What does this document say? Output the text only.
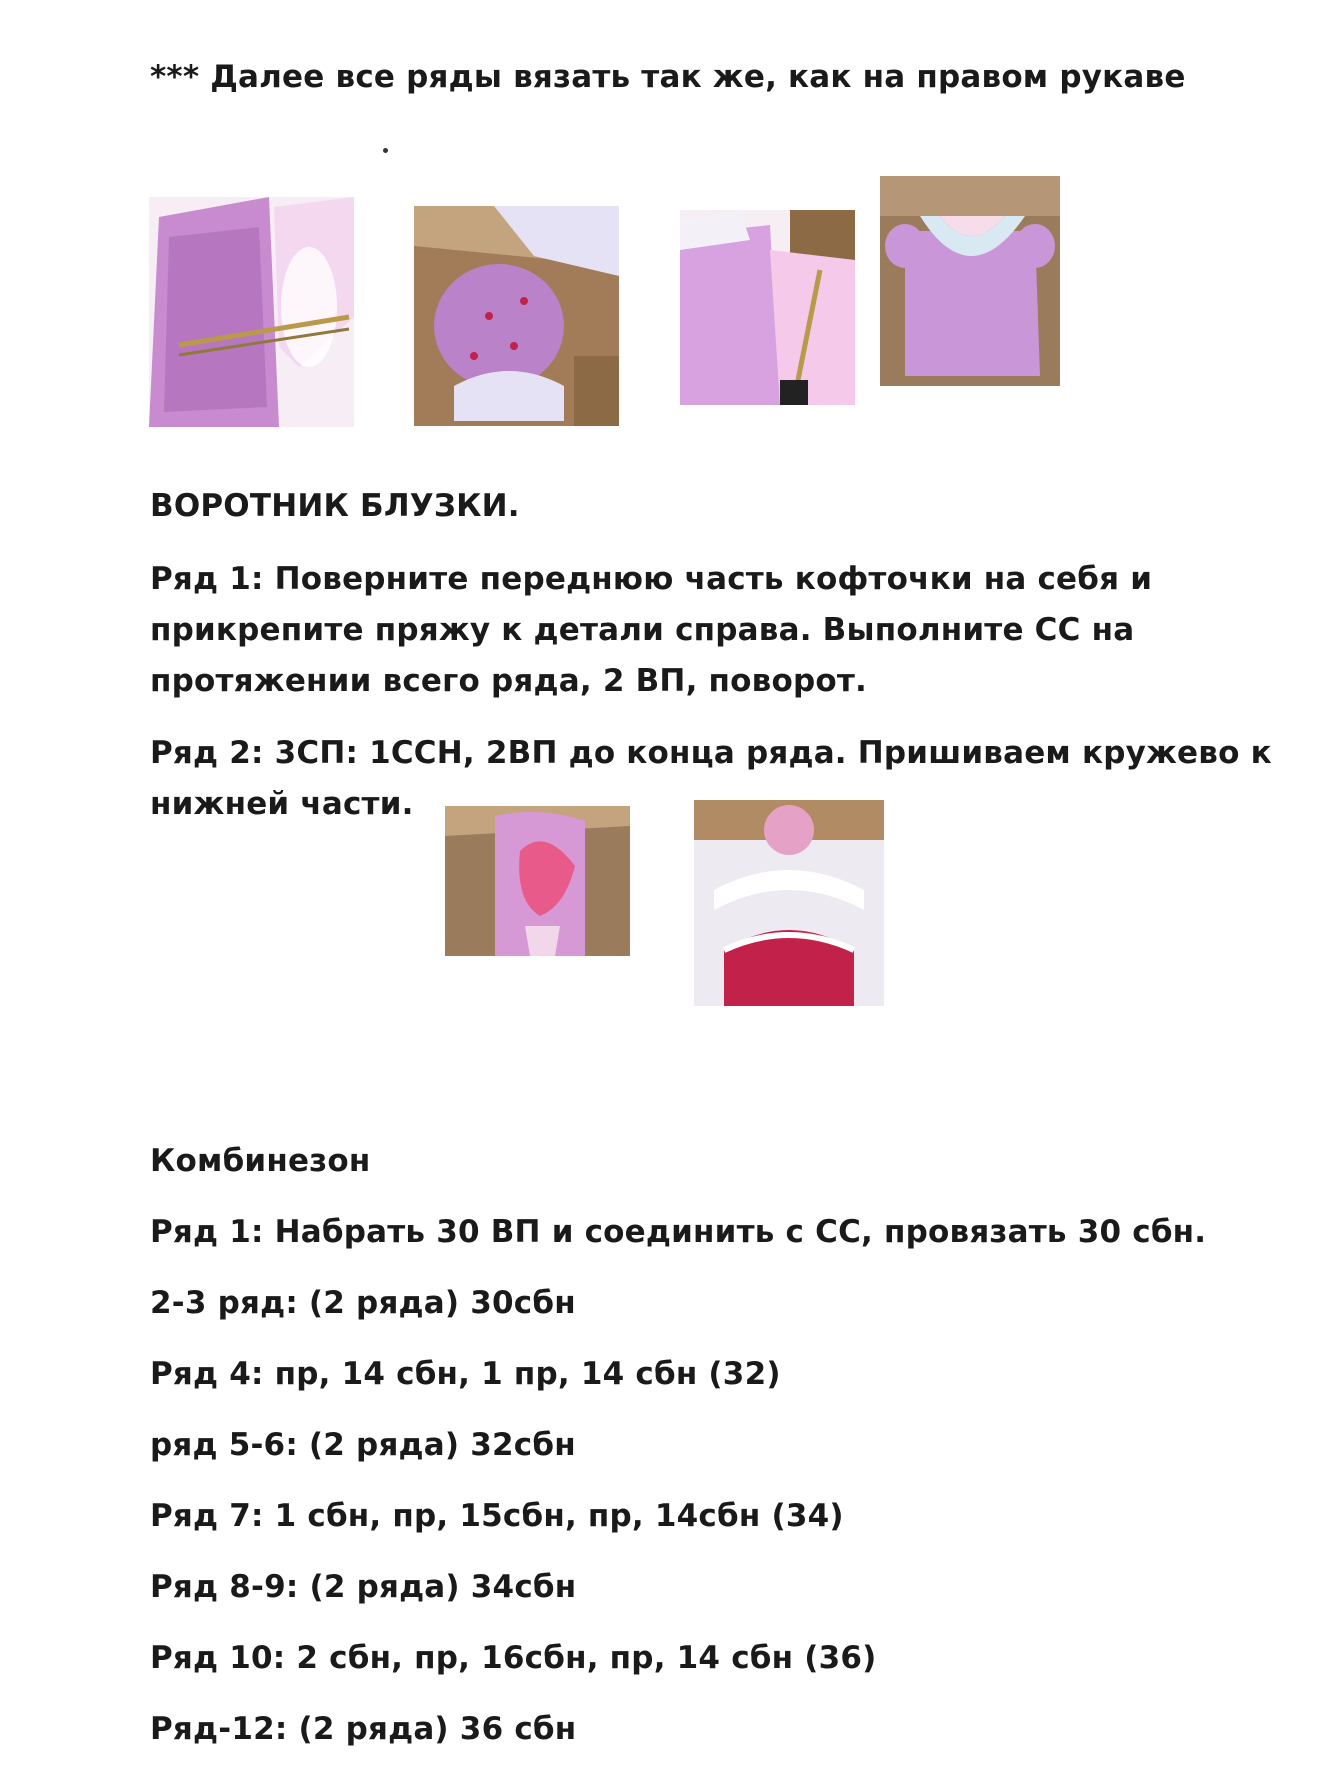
*** Далее все ряды вязать так же, как на правом рукаве
ВОРОТНИК БЛУЗКИ.
Ряд 1: Поверните переднюю часть кофточки на себя и
прикрепите пряжу к детали справа. Выполните СС на
протяжении всего ряда, 2 ВП, поворот.
Ряд 2: 3СП: 1ССН, 2ВП до конца ряда. Пришиваем кружево к
нижней части.
Комбинезон
Ряд 1: Набрать 30 ВП и соединить с СС, провязать 30 сбн.
2-3 ряд: (2 ряда) 30сбн
Ряд 4: пр, 14 сбн, 1 пр, 14 сбн (32)
ряд 5-6: (2 ряда) 32сбн
Ряд 7: 1 сбн, пр, 15сбн, пр, 14сбн (34)
Ряд 8-9: (2 ряда) 34сбн
Ряд 10: 2 сбн, пр, 16сбн, пр, 14 сбн (36)
Ряд-12: (2 ряда) 36 сбн
